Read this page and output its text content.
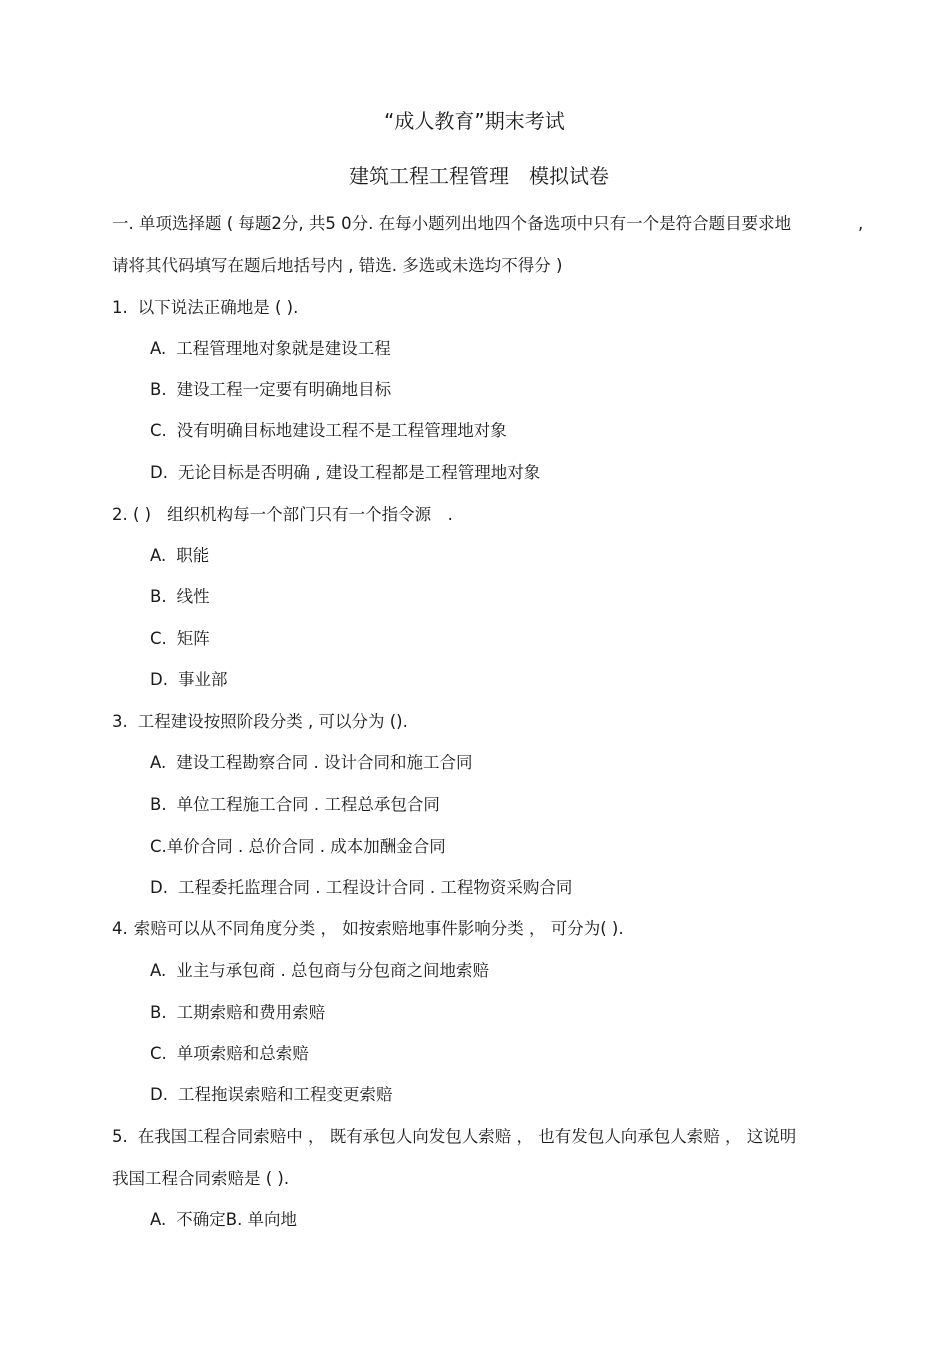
“成人教育”期末考试
建筑工程工程管理　模拟试卷
一. 单项选择题 ( 每题2分, 共5 0分. 在每小题列出地四个备选项中只有一个是符合题目要求地	,
请将其代码填写在题后地括号内 , 错选. 多选或未选均不得分 )
1. 以下说法正确地是 ( ).
A. 工程管理地对象就是建设工程
B. 建设工程一定要有明确地目标
C. 没有明确目标地建设工程不是工程管理地对象
D. 无论目标是否明确 , 建设工程都是工程管理地对象
2. ( ) 组织机构每一个部门只有一个指令源　.
A. 职能
B. 线性
C. 矩阵
D. 事业部
3. 工程建设按照阶段分类 , 可以分为 ().
A. 建设工程勘察合同 . 设计合同和施工合同
B. 单位工程施工合同 . 工程总承包合同
C.单价合同 . 总价合同 . 成本加酬金合同
D. 工程委托监理合同 . 工程设计合同 . 工程物资采购合同
4. 索赔可以从不同角度分类 ， 如按索赔地事件影响分类 ， 可分为( ).
A. 业主与承包商 . 总包商与分包商之间地索赔
B. 工期索赔和费用索赔
C. 单项索赔和总索赔
D. 工程拖误索赔和工程变更索赔
5. 在我国工程合同索赔中 ， 既有承包人向发包人索赔 ， 也有发包人向承包人索赔 ， 这说明
我国工程合同索赔是 ( ).
A. 不确定B. 单向地
